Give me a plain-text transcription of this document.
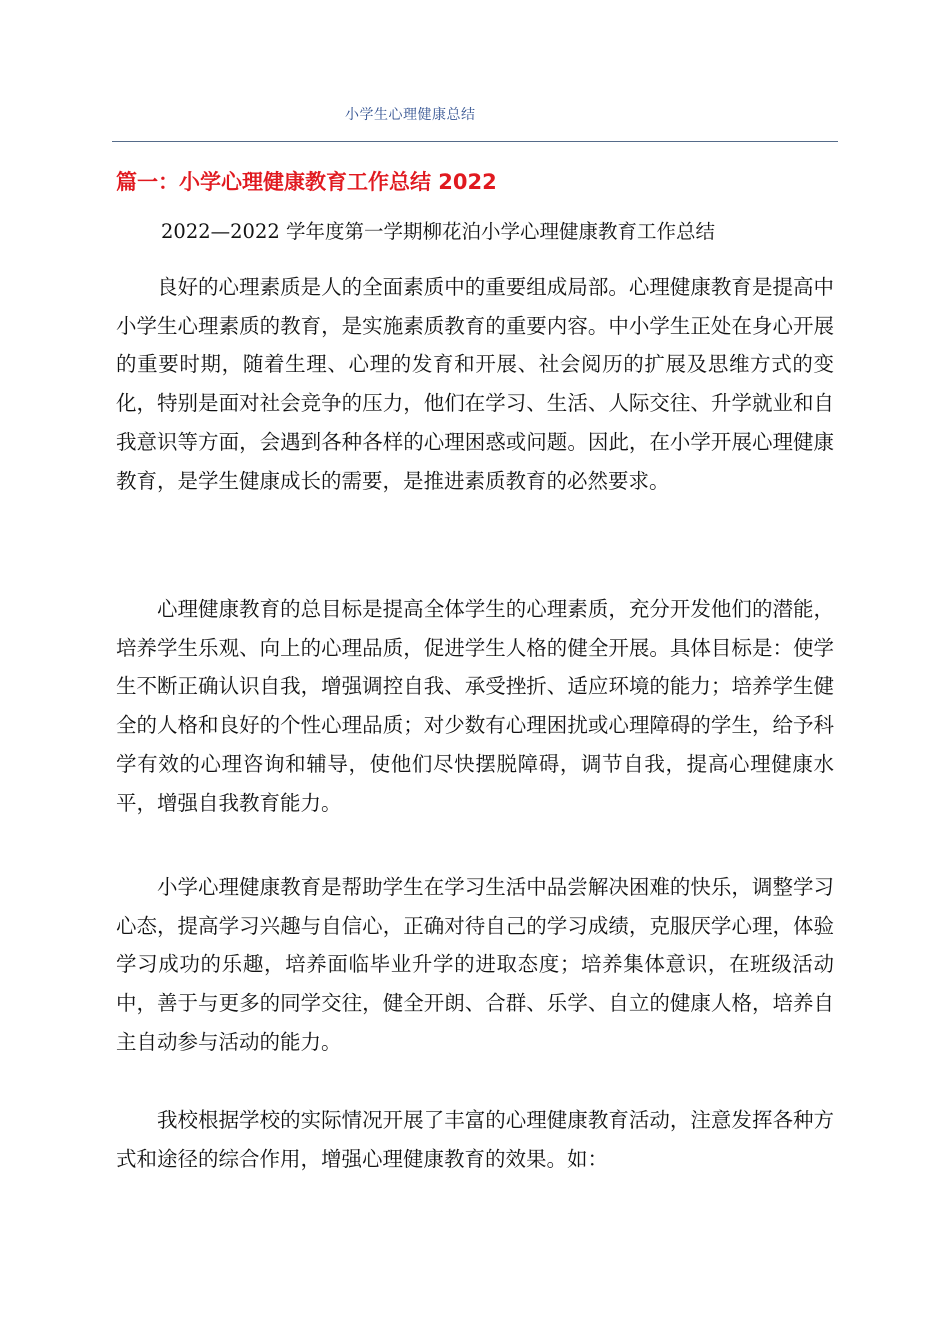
小学生心理健康总结
篇一：小学心理健康教育工作总结 2022
2022—2022 学年度第一学期柳花泊小学心理健康教育工作总结

良好的心理素质是人的全面素质中的重要组成局部。心理健康教育是提高中小学生心理素质的教育，是实施素质教育的重要内容。中小学生正处在身心开展的重要时期，随着生理、心理的发育和开展、社会阅历的扩展及思维方式的变化，特别是面对社会竞争的压力，他们在学习、生活、人际交往、升学就业和自我意识等方面，会遇到各种各样的心理困惑或问题。因此，在小学开展心理健康教育，是学生健康成长的需要，是推进素质教育的必然要求。

心理健康教育的总目标是提高全体学生的心理素质，充分开发他们的潜能，培养学生乐观、向上的心理品质，促进学生人格的健全开展。具体目标是：使学生不断正确认识自我，增强调控自我、承受挫折、适应环境的能力；培养学生健全的人格和良好的个性心理品质；对少数有心理困扰或心理障碍的学生，给予科学有效的心理咨询和辅导，使他们尽快摆脱障碍，调节自我，提高心理健康水平，增强自我教育能力。

小学心理健康教育是帮助学生在学习生活中品尝解决困难的快乐，调整学习心态，提高学习兴趣与自信心，正确对待自己的学习成绩，克服厌学心理，体验学习成功的乐趣，培养面临毕业升学的进取态度；培养集体意识，在班级活动中，善于与更多的同学交往，健全开朗、合群、乐学、自立的健康人格，培养自主自动参与活动的能力。

我校根据学校的实际情况开展了丰富的心理健康教育活动，注意发挥各种方式和途径的综合作用，增强心理健康教育的效果。如：
